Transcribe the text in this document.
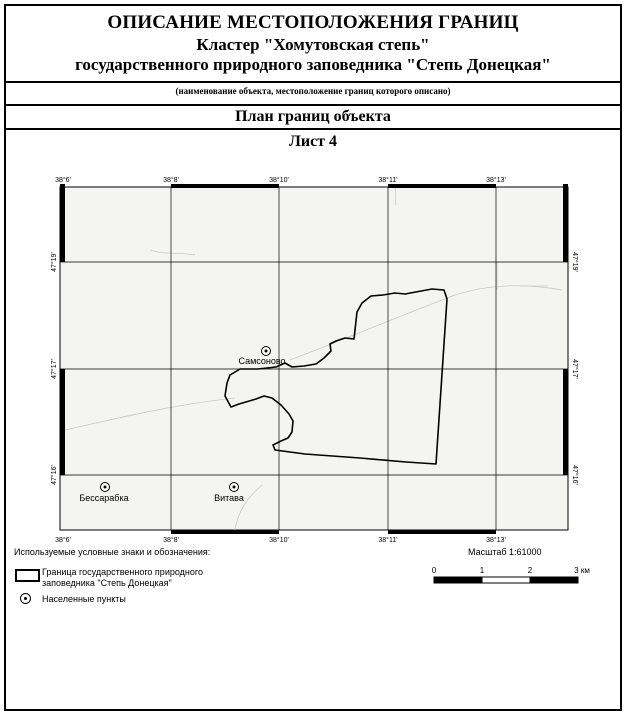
ОПИСАНИЕ МЕСТОПОЛОЖЕНИЯ ГРАНИЦ
Кластер "Хомутовская степь"
государственного природного заповедника "Степь Донецкая"
(наименование объекта, местоположение границ которого описано)
План границ объекта
Лист 4
38°6'	38°8'	38°10'	38°11'	38°13'
38°6'	38°8'	38°10'	38°11'	38°13'
47°19'
47°17'
47°16'
47°19'
47°17'
47°16'
Самсоново
Бессарабка	Витава
0	1	2	3 км
Используемые условные знаки и обозначения:	Масштаб 1:61000
Граница государственного природного заповедника "Степь Донецкая"
Населенные пункты
